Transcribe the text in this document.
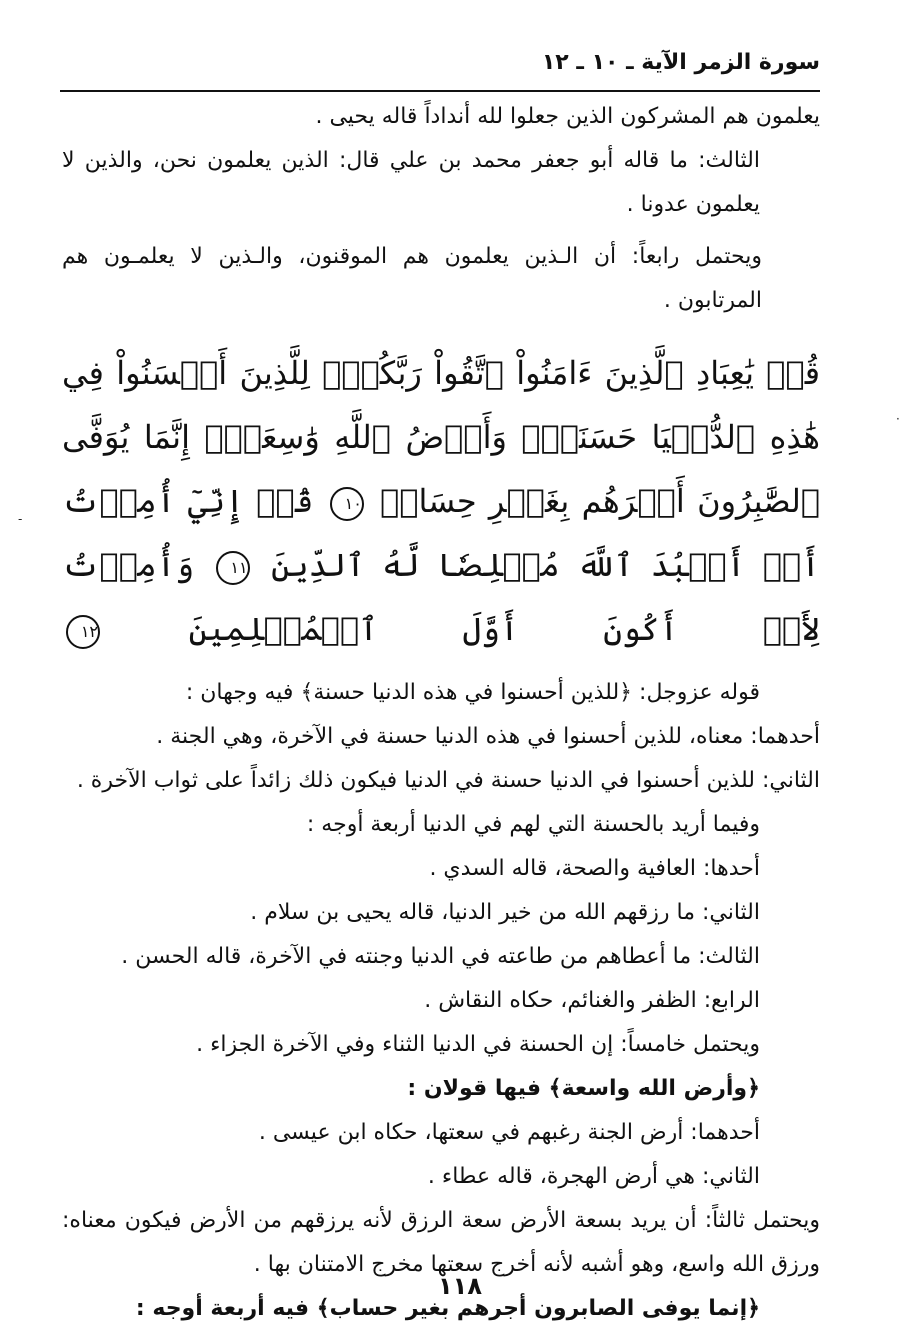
سورة الزمر الآية ـ ١٠ ـ ١٢

يعلمون هم المشركون الذين جعلوا لله أنداداً قاله يحيى .

الثالث: ما قاله أبو جعفر محمد بن علي قال: الذين يعلمون نحن، والذين لا يعلمون عدونا .

ويحتمل رابعاً: أن الـذين يعلمون هم الموقنون، والـذين لا يعلمـون هم المرتابون .

قُلۡ يَٰعِبَادِ ٱلَّذِينَ ءَامَنُواْ ٱتَّقُواْ رَبَّكُمۡۚ لِلَّذِينَ أَحۡسَنُواْ فِي هَٰذِهِ ٱلدُّنۡيَا حَسَنَةٞۗ وَأَرۡضُ ٱللَّهِ وَٰسِعَةٌۗ إِنَّمَا يُوَفَّى ٱلصَّٰبِرُونَ أَجۡرَهُم بِغَيۡرِ حِسَابٖ ١٠ قُلۡ إِنِّيٓ أُمِرۡتُ أَنۡ أَعۡبُدَ ٱللَّهَ مُخۡلِصٗا لَّهُ ٱلدِّينَ ١١ وَأُمِرۡتُ لِأَنۡ أَكُونَ أَوَّلَ ٱلۡمُسۡلِمِينَ ١٢

قوله عزوجل: ﴿للذين أحسنوا في هذه الدنيا حسنة﴾ فيه وجهان :

أحدهما: معناه، للذين أحسنوا في هذه الدنيا حسنة في الآخرة، وهي الجنة .

الثاني: للذين أحسنوا في الدنيا حسنة في الدنيا فيكون ذلك زائداً على ثواب الآخرة .

وفيما أريد بالحسنة التي لهم في الدنيا أربعة أوجه :

أحدها: العافية والصحة، قاله السدي .

الثاني: ما رزقهم الله من خير الدنيا، قاله يحيى بن سلام .

الثالث: ما أعطاهم من طاعته في الدنيا وجنته في الآخرة، قاله الحسن .

الرابع: الظفر والغنائم، حكاه النقاش .

ويحتمل خامساً: إن الحسنة في الدنيا الثناء وفي الآخرة الجزاء .

﴿وأرض الله واسعة﴾ فيها قولان :

أحدهما: أرض الجنة رغبهم في سعتها، حكاه ابن عيسى .

الثاني: هي أرض الهجرة، قاله عطاء .

ويحتمل ثالثاً: أن يريد بسعة الأرض سعة الرزق لأنه يرزقهم من الأرض فيكون معناه: ورزق الله واسع، وهو أشبه لأنه أخرج سعتها مخرج الامتنان بها .

﴿إنما يوفى الصابرون أجرهم بغير حساب﴾ فيه أربعة أوجه :

١١٨
-
·
